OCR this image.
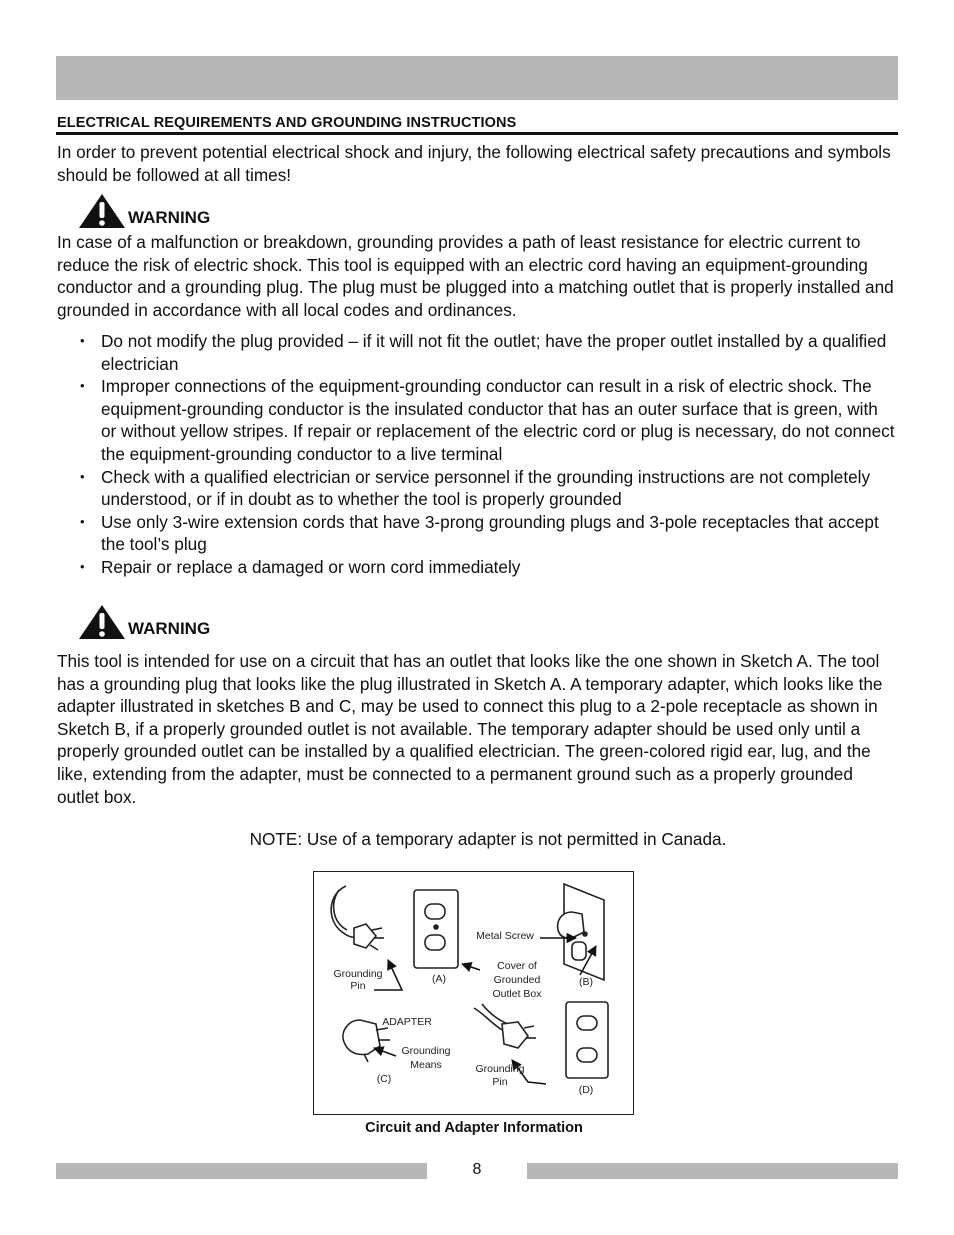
ELECTRICAL REQUIREMENTS AND GROUNDING INSTRUCTIONS

In order to prevent potential electrical shock and injury, the following electrical safety precautions and symbols should be followed at all times!

WARNING

In case of a malfunction or breakdown, grounding provides a path of least resistance for electric current to reduce the risk of electric shock. This tool is equipped with an electric cord having an equipment-grounding conductor and a grounding plug. The plug must be plugged into a matching outlet that is properly installed and grounded in accordance with all local codes and ordinances.

• Do not modify the plug provided – if it will not fit the outlet; have the proper outlet installed by a qualified electrician
• Improper connections of the equipment-grounding conductor can result in a risk of electric shock. The equipment-grounding conductor is the insulated conductor that has an outer surface that is green, with or without yellow stripes. If repair or replacement of the electric cord or plug is necessary, do not connect the equipment-grounding conductor to a live terminal
• Check with a qualified electrician or service personnel if the grounding instructions are not completely understood, or if in doubt as to whether the tool is properly grounded
• Use only 3-wire extension cords that have 3-prong grounding plugs and 3-pole receptacles that accept the tool’s plug
• Repair or replace a damaged or worn cord immediately
WARNING

This tool is intended for use on a circuit that has an outlet that looks like the one shown in Sketch A. The tool has a grounding plug that looks like the plug illustrated in Sketch A. A temporary adapter, which looks like the adapter illustrated in sketches B and C, may be used to connect this plug to a 2-pole receptacle as shown in Sketch B, if a properly grounded outlet is not available. The temporary adapter should be used only until a properly grounded outlet can be installed by a qualified electrician. The green-colored rigid ear, lug, and the like, extending from the adapter, must be connected to a permanent ground such as a properly grounded outlet box.

NOTE: Use of a temporary adapter is not permitted in Canada.
Grounding
Pin
(A)
Metal Screw
Cover of
Grounded
Outlet Box
(B)
ADAPTER
Grounding
Means
(C)
Grounding
Pin
(D)
Circuit and Adapter Information
8
